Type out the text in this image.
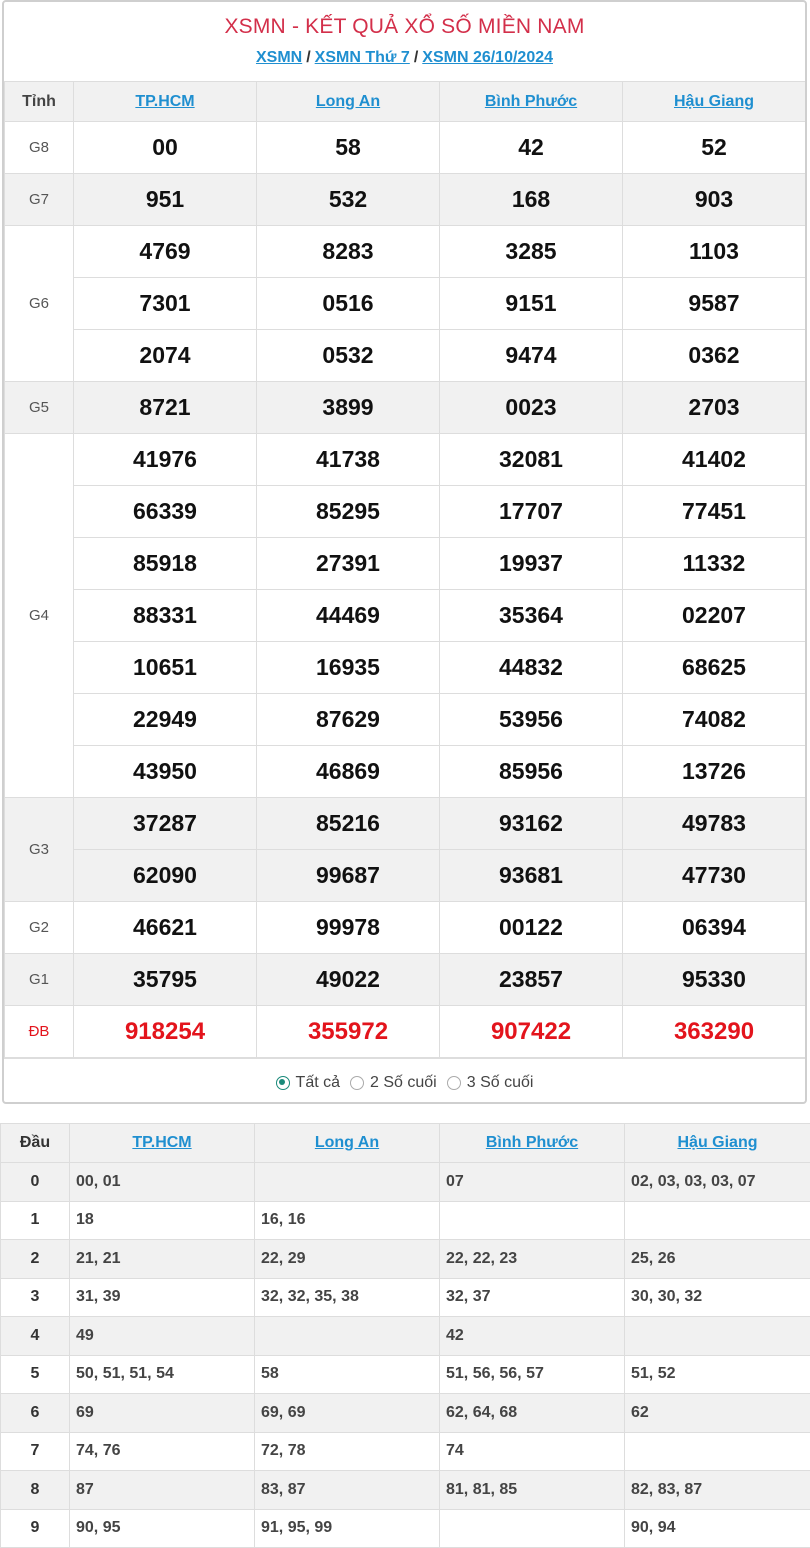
XSMN - KẾT QUẢ XỔ SỐ MIỀN NAM
XSMN / XSMN Thứ 7 / XSMN 26/10/2024
Tỉnh	TP.HCM	Long An	Bình Phước	Hậu Giang
G8	00	58	42	52
G7	951	532	168	903
G6	4769	8283	3285	1103
	7301	0516	9151	9587
	2074	0532	9474	0362
G5	8721	3899	0023	2703
G4	41976	41738	32081	41402
	66339	85295	17707	77451
	85918	27391	19937	11332
	88331	44469	35364	02207
	10651	16935	44832	68625
	22949	87629	53956	74082
	43950	46869	85956	13726
G3	37287	85216	93162	49783
	62090	99687	93681	47730
G2	46621	99978	00122	06394
G1	35795	49022	23857	95330
ĐB	918254	355972	907422	363290
Tất cả 2 Số cuối 3 Số cuối
Đầu	TP.HCM	Long An	Bình Phước	Hậu Giang
0	00, 01		07	02, 03, 03, 03, 07
1	18	16, 16		
2	21, 21	22, 29	22, 22, 23	25, 26
3	31, 39	32, 32, 35, 38	32, 37	30, 30, 32
4	49		42	
5	50, 51, 51, 54	58	51, 56, 56, 57	51, 52
6	69	69, 69	62, 64, 68	62
7	74, 76	72, 78	74	
8	87	83, 87	81, 81, 85	82, 83, 87
9	90, 95	91, 95, 99		90, 94
